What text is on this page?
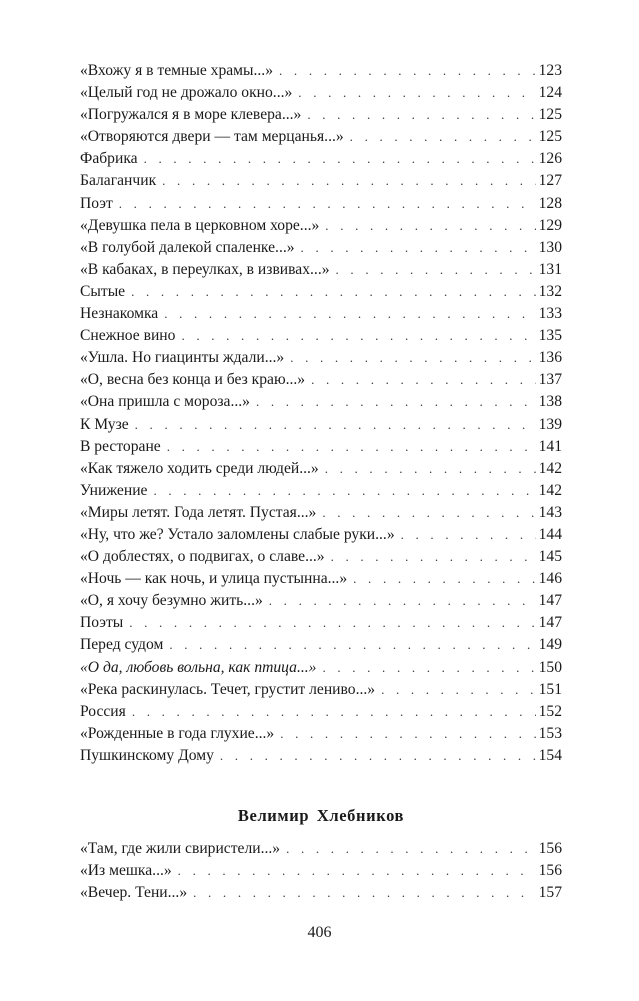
«Вхожу я в темные храмы...» . . .	123
«Целый год не дрожало окно...» . . .	124
«Погружался я в море клевера...» . . .	125
«Отворяются двери — там мерцанья...» . . .	125
Фабрика . . .	126
Балаганчик . . .	127
Поэт . . .	128
«Девушка пела в церковном хоре...» . . .	129
«В голубой далекой спаленке...» . . .	130
«В кабаках, в переулках, в извивах...» . . .	131
Сытые . . .	132
Незнакомка . . .	133
Снежное вино . . .	135
«Ушла. Но гиацинты ждали...» . . .	136
«О, весна без конца и без краю...» . . .	137
«Она пришла с мороза...» . . .	138
К Музе . . .	139
В ресторане . . .	141
«Как тяжело ходить среди людей...» . . .	142
Унижение . . .	142
«Миры летят. Года летят. Пустая...» . . .	143
«Ну, что же? Устало заломлены слабые руки...» . . .	144
«О доблестях, о подвигах, о славе...» . . .	145
«Ночь — как ночь, и улица пустынна...» . . .	146
«О, я хочу безумно жить...» . . .	147
Поэты . . .	147
Перед судом . . .	149
«О да, любовь вольна, как птица...» . . .	150
«Река раскинулась. Течет, грустит лениво...» . . .	151
Россия . . .	152
«Рожденные в года глухие...» . . .	153
Пушкинскому Дому . . .	154
Велимир Хлебников
«Там, где жили свиристели...» . . .	156
«Из мешка...» . . .	156
«Вечер. Тени...» . . .	157
406
